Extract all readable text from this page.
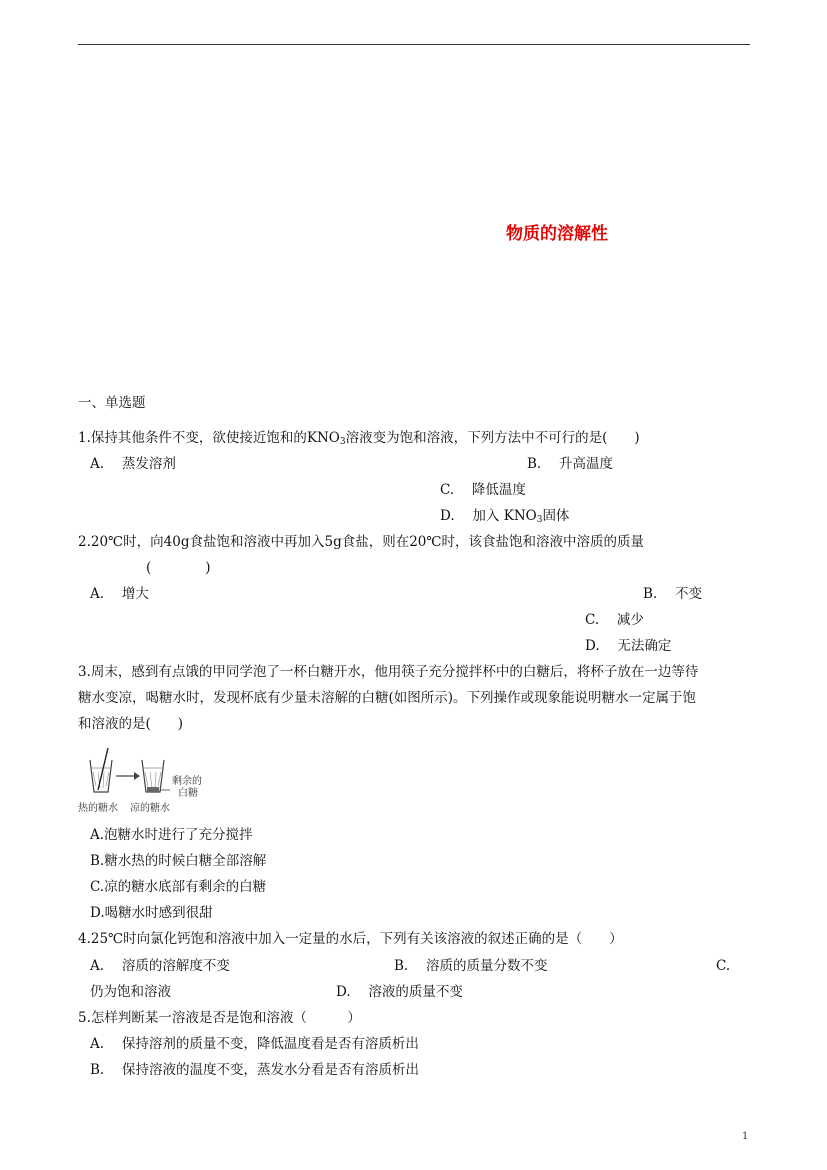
物质的溶解性
一、单选题
1.保持其他条件不变，欲使接近饱和的$KNO_3$溶液变为饱和溶液，下列方法中不可行的是(　　)
A.　 蒸发溶剂	B.　 升高温度
C.　 降低温度
D.　 加入 $KNO_3$固体
2.20℃时，向40g食盐饱和溶液中再加入5g食盐，则在20℃时，该食盐饱和溶液中溶质的质量
(　　　　)
A.　 增大	B.　 不变
C.　 减少
D.　 无法确定
3.周末，感到有点饿的甲同学泡了一杯白糖开水，他用筷子充分搅拌杯中的白糖后，将杯子放在一边等待
糖水变凉，喝糖水时，发现杯底有少量未溶解的白糖(如图所示)。下列操作或现象能说明糖水一定属于饱
和溶液的是(　　)
剩余的
白糖
热的糖水 凉的糖水
A.泡糖水时进行了充分搅拌
B.糖水热的时候白糖全部溶解
C.凉的糖水底部有剩余的白糖
D.喝糖水时感到很甜
4.25℃时向氯化钙饱和溶液中加入一定量的水后，下列有关该溶液的叙述正确的是（　　）
A.　 溶质的溶解度不变	B.　 溶质的质量分数不变	C.
仍为饱和溶液	D.　 溶液的质量不变
5.怎样判断某一溶液是否是饱和溶液（　　　）
A.　 保持溶剂的质量不变，降低温度看是否有溶质析出
B.　 保持溶液的温度不变，蒸发水分看是否有溶质析出
1
